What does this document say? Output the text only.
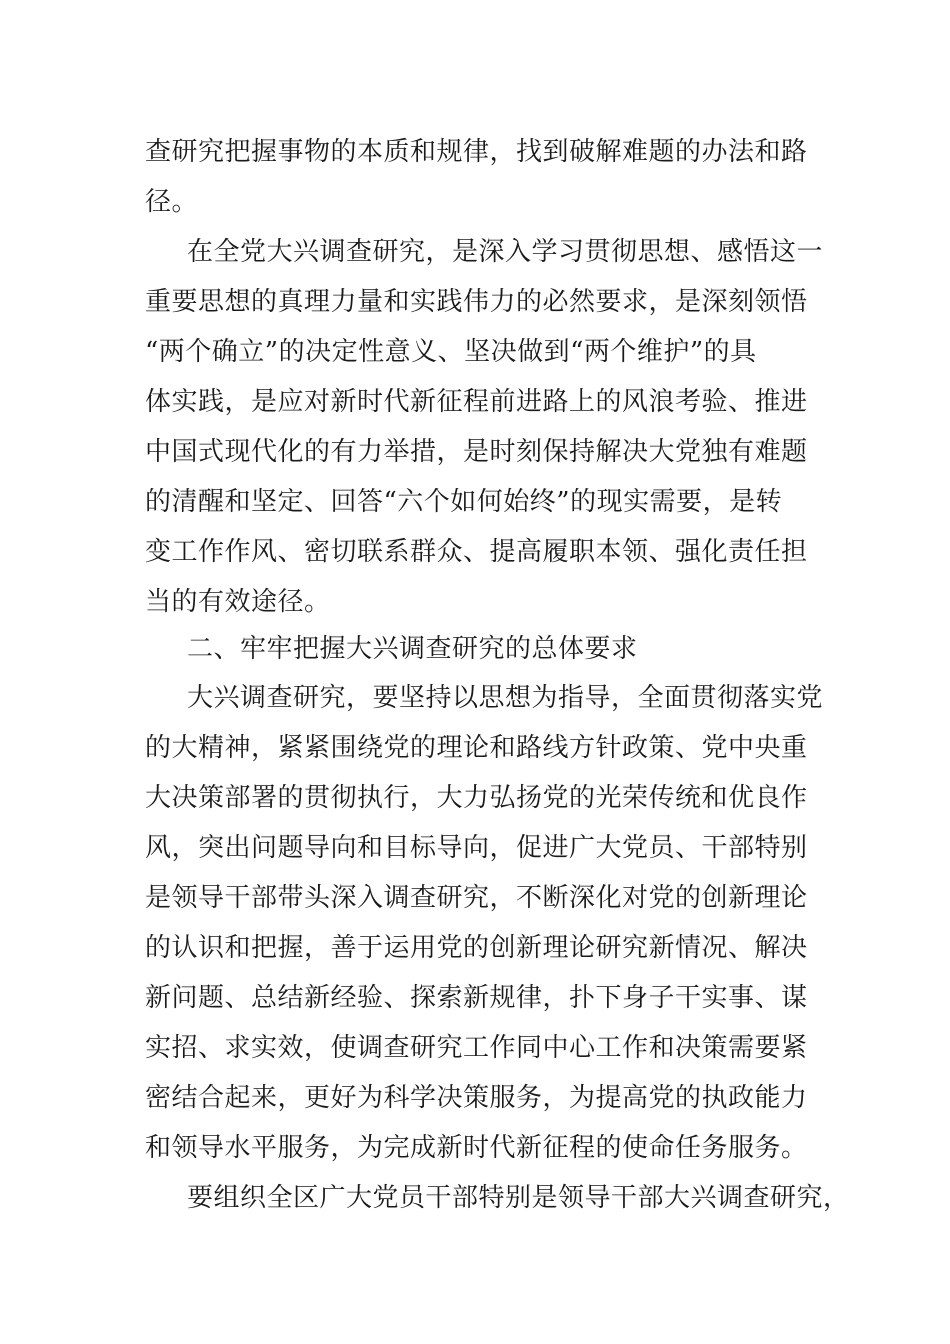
查研究把握事物的本质和规律，找到破解难题的办法和路
径。
在全党大兴调查研究，是深入学习贯彻思想、感悟这一
重要思想的真理力量和实践伟力的必然要求，是深刻领悟
“两个确立”的决定性意义、坚决做到“两个维护”的具
体实践，是应对新时代新征程前进路上的风浪考验、推进
中国式现代化的有力举措，是时刻保持解决大党独有难题
的清醒和坚定、回答“六个如何始终”的现实需要，是转
变工作作风、密切联系群众、提高履职本领、强化责任担
当的有效途径。
二、牢牢把握大兴调查研究的总体要求
大兴调查研究，要坚持以思想为指导，全面贯彻落实党
的大精神，紧紧围绕党的理论和路线方针政策、党中央重
大决策部署的贯彻执行，大力弘扬党的光荣传统和优良作
风，突出问题导向和目标导向，促进广大党员、干部特别
是领导干部带头深入调查研究，不断深化对党的创新理论
的认识和把握，善于运用党的创新理论研究新情况、解决
新问题、总结新经验、探索新规律，扑下身子干实事、谋
实招、求实效，使调查研究工作同中心工作和决策需要紧
密结合起来，更好为科学决策服务，为提高党的执政能力
和领导水平服务，为完成新时代新征程的使命任务服务。
要组织全区广大党员干部特别是领导干部大兴调查研究，
